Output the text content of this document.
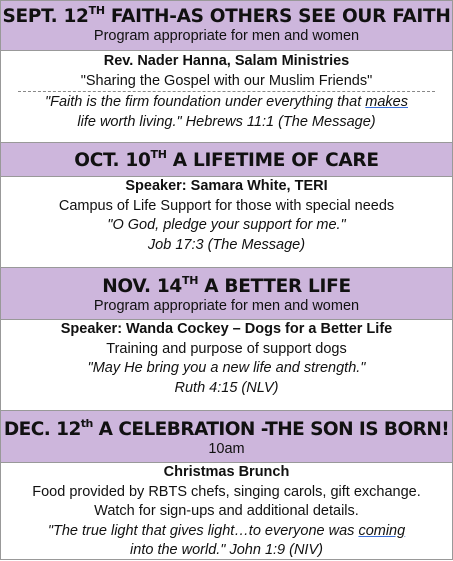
SEPT. 12TH FAITH-AS OTHERS SEE OUR FAITH
Program appropriate for men and women
Rev. Nader Hanna, Salam Ministries
"Sharing the Gospel with our Muslim Friends"
"Faith is the firm foundation under everything that makes
life worth living." Hebrews 11:1 (The Message)
OCT. 10TH A LIFETIME OF CARE
Speaker: Samara White, TERI
Campus of Life Support for those with special needs
"O God, pledge your support for me."
Job 17:3 (The Message)
NOV. 14TH A BETTER LIFE
Program appropriate for men and women
Speaker: Wanda Cockey – Dogs for a Better Life
Training and purpose of support dogs
"May He bring you a new life and strength."
Ruth 4:15 (NLV)
DEC. 12th A CELEBRATION -THE SON IS BORN!
10am
Christmas Brunch
Food provided by RBTS chefs, singing carols, gift exchange.
Watch for sign-ups and additional details.
"The true light that gives light…to everyone was coming
into the world." John 1:9 (NIV)
